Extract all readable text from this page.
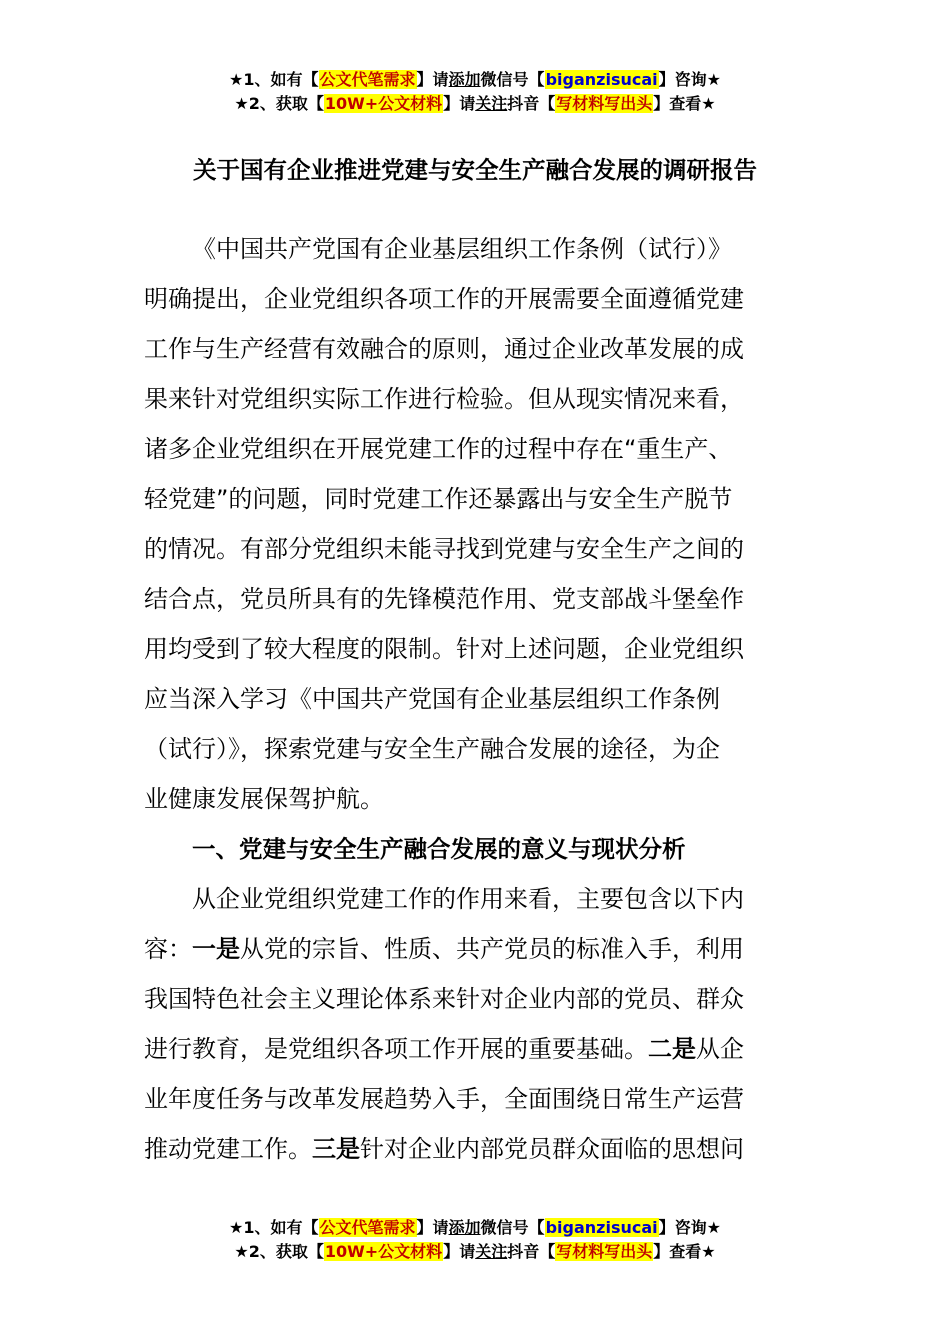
★1、如有【公文代笔需求】请添加微信号【biganzisucai】咨询★
★2、获取【10W+公文材料】请关注抖音【写材料写出头】查看★
关于国有企业推进党建与安全生产融合发展的调研报告
《中国共产党国有企业基层组织工作条例（试行）》
明确提出，企业党组织各项工作的开展需要全面遵循党建
工作与生产经营有效融合的原则，通过企业改革发展的成
果来针对党组织实际工作进行检验。但从现实情况来看，
诸多企业党组织在开展党建工作的过程中存在“重生产、
轻党建”的问题，同时党建工作还暴露出与安全生产脱节
的情况。有部分党组织未能寻找到党建与安全生产之间的
结合点，党员所具有的先锋模范作用、党支部战斗堡垒作
用均受到了较大程度的限制。针对上述问题，企业党组织
应当深入学习《中国共产党国有企业基层组织工作条例
（试行）》，探索党建与安全生产融合发展的途径，为企
业健康发展保驾护航。
一、党建与安全生产融合发展的意义与现状分析
从企业党组织党建工作的作用来看，主要包含以下内
容：一是从党的宗旨、性质、共产党员的标准入手，利用
我国特色社会主义理论体系来针对企业内部的党员、群众
进行教育，是党组织各项工作开展的重要基础。二是从企
业年度任务与改革发展趋势入手，全面围绕日常生产运营
推动党建工作。三是针对企业内部党员群众面临的思想问
★1、如有【公文代笔需求】请添加微信号【biganzisucai】咨询★
★2、获取【10W+公文材料】请关注抖音【写材料写出头】查看★
